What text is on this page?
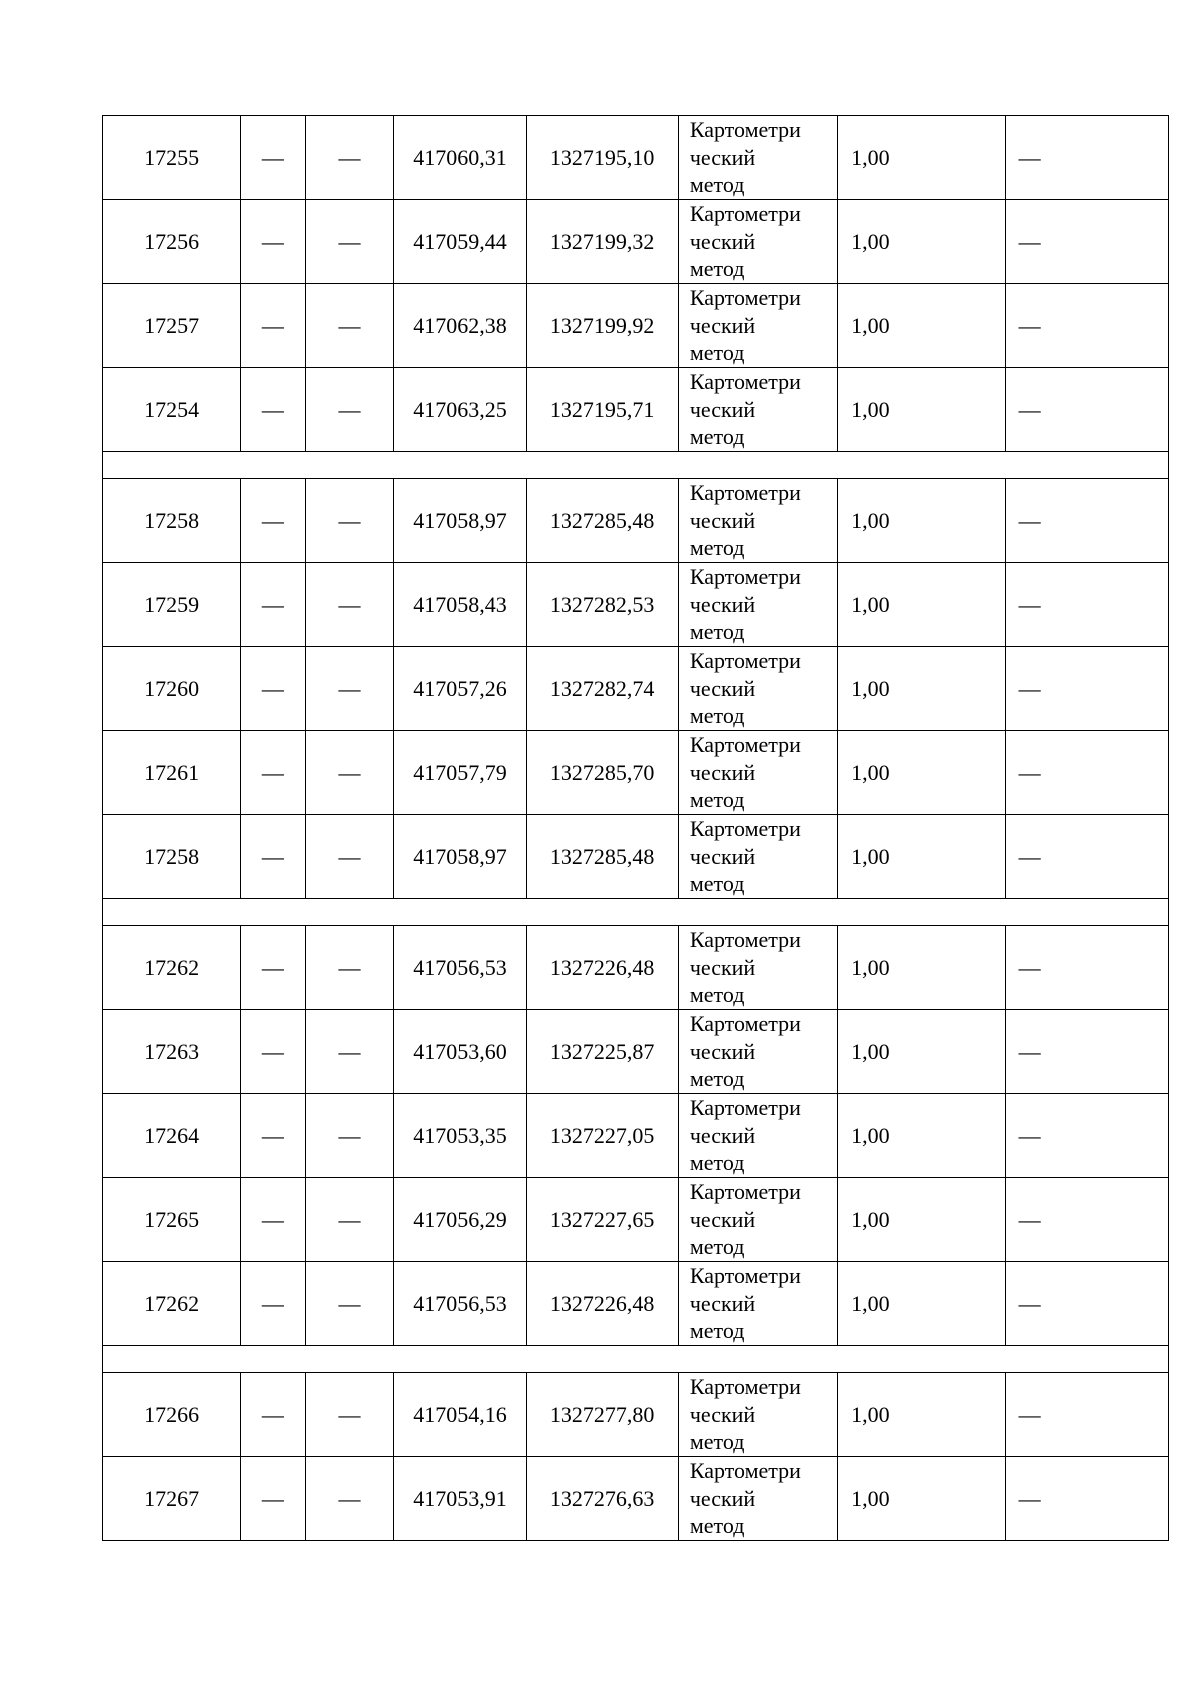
17255	—	—	417060,31	1327195,10	Картометри
ческий
метод	1,00	—
17256	—	—	417059,44	1327199,32	Картометри
ческий
метод	1,00	—
17257	—	—	417062,38	1327199,92	Картометри
ческий
метод	1,00	—
17254	—	—	417063,25	1327195,71	Картометри
ческий
метод	1,00	—

17258	—	—	417058,97	1327285,48	Картометри
ческий
метод	1,00	—
17259	—	—	417058,43	1327282,53	Картометри
ческий
метод	1,00	—
17260	—	—	417057,26	1327282,74	Картометри
ческий
метод	1,00	—
17261	—	—	417057,79	1327285,70	Картометри
ческий
метод	1,00	—
17258	—	—	417058,97	1327285,48	Картометри
ческий
метод	1,00	—

17262	—	—	417056,53	1327226,48	Картометри
ческий
метод	1,00	—
17263	—	—	417053,60	1327225,87	Картометри
ческий
метод	1,00	—
17264	—	—	417053,35	1327227,05	Картометри
ческий
метод	1,00	—
17265	—	—	417056,29	1327227,65	Картометри
ческий
метод	1,00	—
17262	—	—	417056,53	1327226,48	Картометри
ческий
метод	1,00	—

17266	—	—	417054,16	1327277,80	Картометри
ческий
метод	1,00	—
17267	—	—	417053,91	1327276,63	Картометри
ческий
метод	1,00	—
